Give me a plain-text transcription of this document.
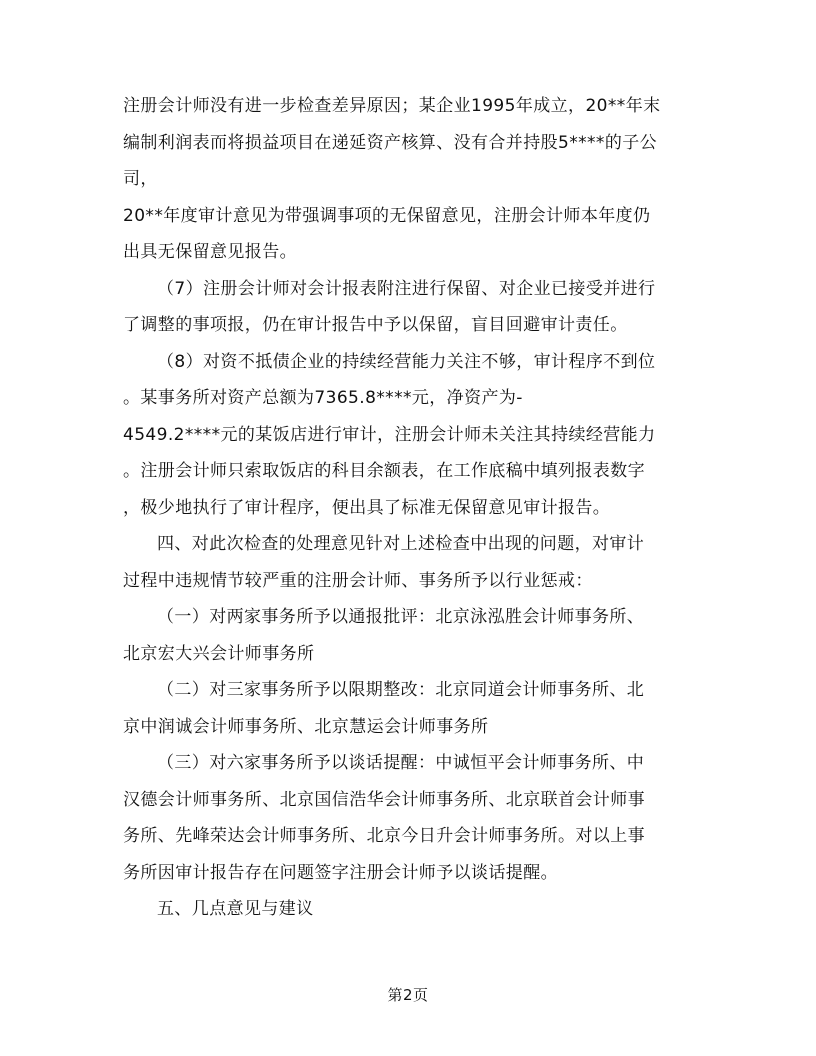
注册会计师没有进一步检查差异原因；某企业1995年成立，20**年末
编制利润表而将损益项目在递延资产核算、没有合并持股5****的子公
司，
20**年度审计意见为带强调事项的无保留意见，注册会计师本年度仍
出具无保留意见报告。
（7）注册会计师对会计报表附注进行保留、对企业已接受并进行
了调整的事项报，仍在审计报告中予以保留，盲目回避审计责任。
（8）对资不抵债企业的持续经营能力关注不够，审计程序不到位
。某事务所对资产总额为7365.8****元，净资产为-
4549.2****元的某饭店进行审计，注册会计师未关注其持续经营能力
。注册会计师只索取饭店的科目余额表，在工作底稿中填列报表数字
，极少地执行了审计程序，便出具了标准无保留意见审计报告。
四、对此次检查的处理意见针对上述检查中出现的问题，对审计
过程中违规情节较严重的注册会计师、事务所予以行业惩戒：
（一）对两家事务所予以通报批评：北京泳泓胜会计师事务所、
北京宏大兴会计师事务所
（二）对三家事务所予以限期整改：北京同道会计师事务所、北
京中润诚会计师事务所、北京慧运会计师事务所
（三）对六家事务所予以谈话提醒：中诚恒平会计师事务所、中
汉德会计师事务所、北京国信浩华会计师事务所、北京联首会计师事
务所、先峰荣达会计师事务所、北京今日升会计师事务所。对以上事
务所因审计报告存在问题签字注册会计师予以谈话提醒。
五、几点意见与建议

第2页
